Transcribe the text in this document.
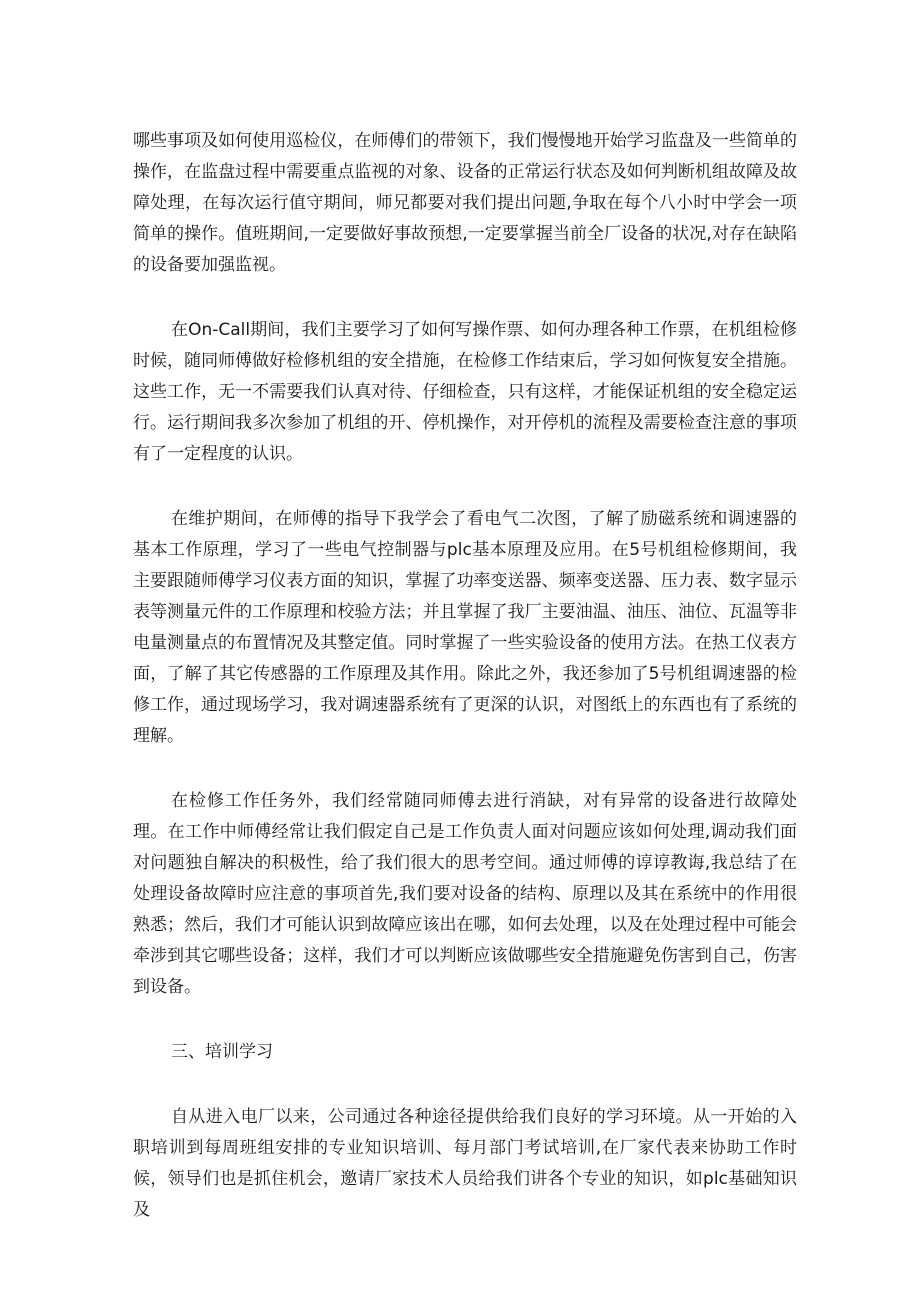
哪些事项及如何使用巡检仪，在师傅们的带领下，我们慢慢地开始学习监盘及一些简单的操作，在监盘过程中需要重点监视的对象、设备的正常运行状态及如何判断机组故障及故障处理，在每次运行值守期间，师兄都要对我们提出问题,争取在每个八小时中学会一项简单的操作。值班期间,一定要做好事故预想,一定要掌握当前全厂设备的状况,对存在缺陷的设备要加强监视。

在On-Call期间，我们主要学习了如何写操作票、如何办理各种工作票，在机组检修时候，随同师傅做好检修机组的安全措施，在检修工作结束后，学习如何恢复安全措施。这些工作，无一不需要我们认真对待、仔细检查，只有这样，才能保证机组的安全稳定运行。运行期间我多次参加了机组的开、停机操作，对开停机的流程及需要检查注意的事项有了一定程度的认识。

在维护期间，在师傅的指导下我学会了看电气二次图，了解了励磁系统和调速器的基本工作原理，学习了一些电气控制器与plc基本原理及应用。在5号机组检修期间，我主要跟随师傅学习仪表方面的知识，掌握了功率变送器、频率变送器、压力表、数字显示表等测量元件的工作原理和校验方法；并且掌握了我厂主要油温、油压、油位、瓦温等非电量测量点的布置情况及其整定值。同时掌握了一些实验设备的使用方法。在热工仪表方面，了解了其它传感器的工作原理及其作用。除此之外，我还参加了5号机组调速器的检修工作，通过现场学习，我对调速器系统有了更深的认识，对图纸上的东西也有了系统的理解。

在检修工作任务外，我们经常随同师傅去进行消缺，对有异常的设备进行故障处理。在工作中师傅经常让我们假定自己是工作负责人面对问题应该如何处理,调动我们面对问题独自解决的积极性，给了我们很大的思考空间。通过师傅的谆谆教诲,我总结了在处理设备故障时应注意的事项首先,我们要对设备的结构、原理以及其在系统中的作用很熟悉；然后，我们才可能认识到故障应该出在哪，如何去处理，以及在处理过程中可能会牵涉到其它哪些设备；这样，我们才可以判断应该做哪些安全措施避免伤害到自己，伤害到设备。

三、培训学习

自从进入电厂以来，公司通过各种途径提供给我们良好的学习环境。从一开始的入职培训到每周班组安排的专业知识培训、每月部门考试培训,在厂家代表来协助工作时候，领导们也是抓住机会，邀请厂家技术人员给我们讲各个专业的知识，如plc基础知识及
